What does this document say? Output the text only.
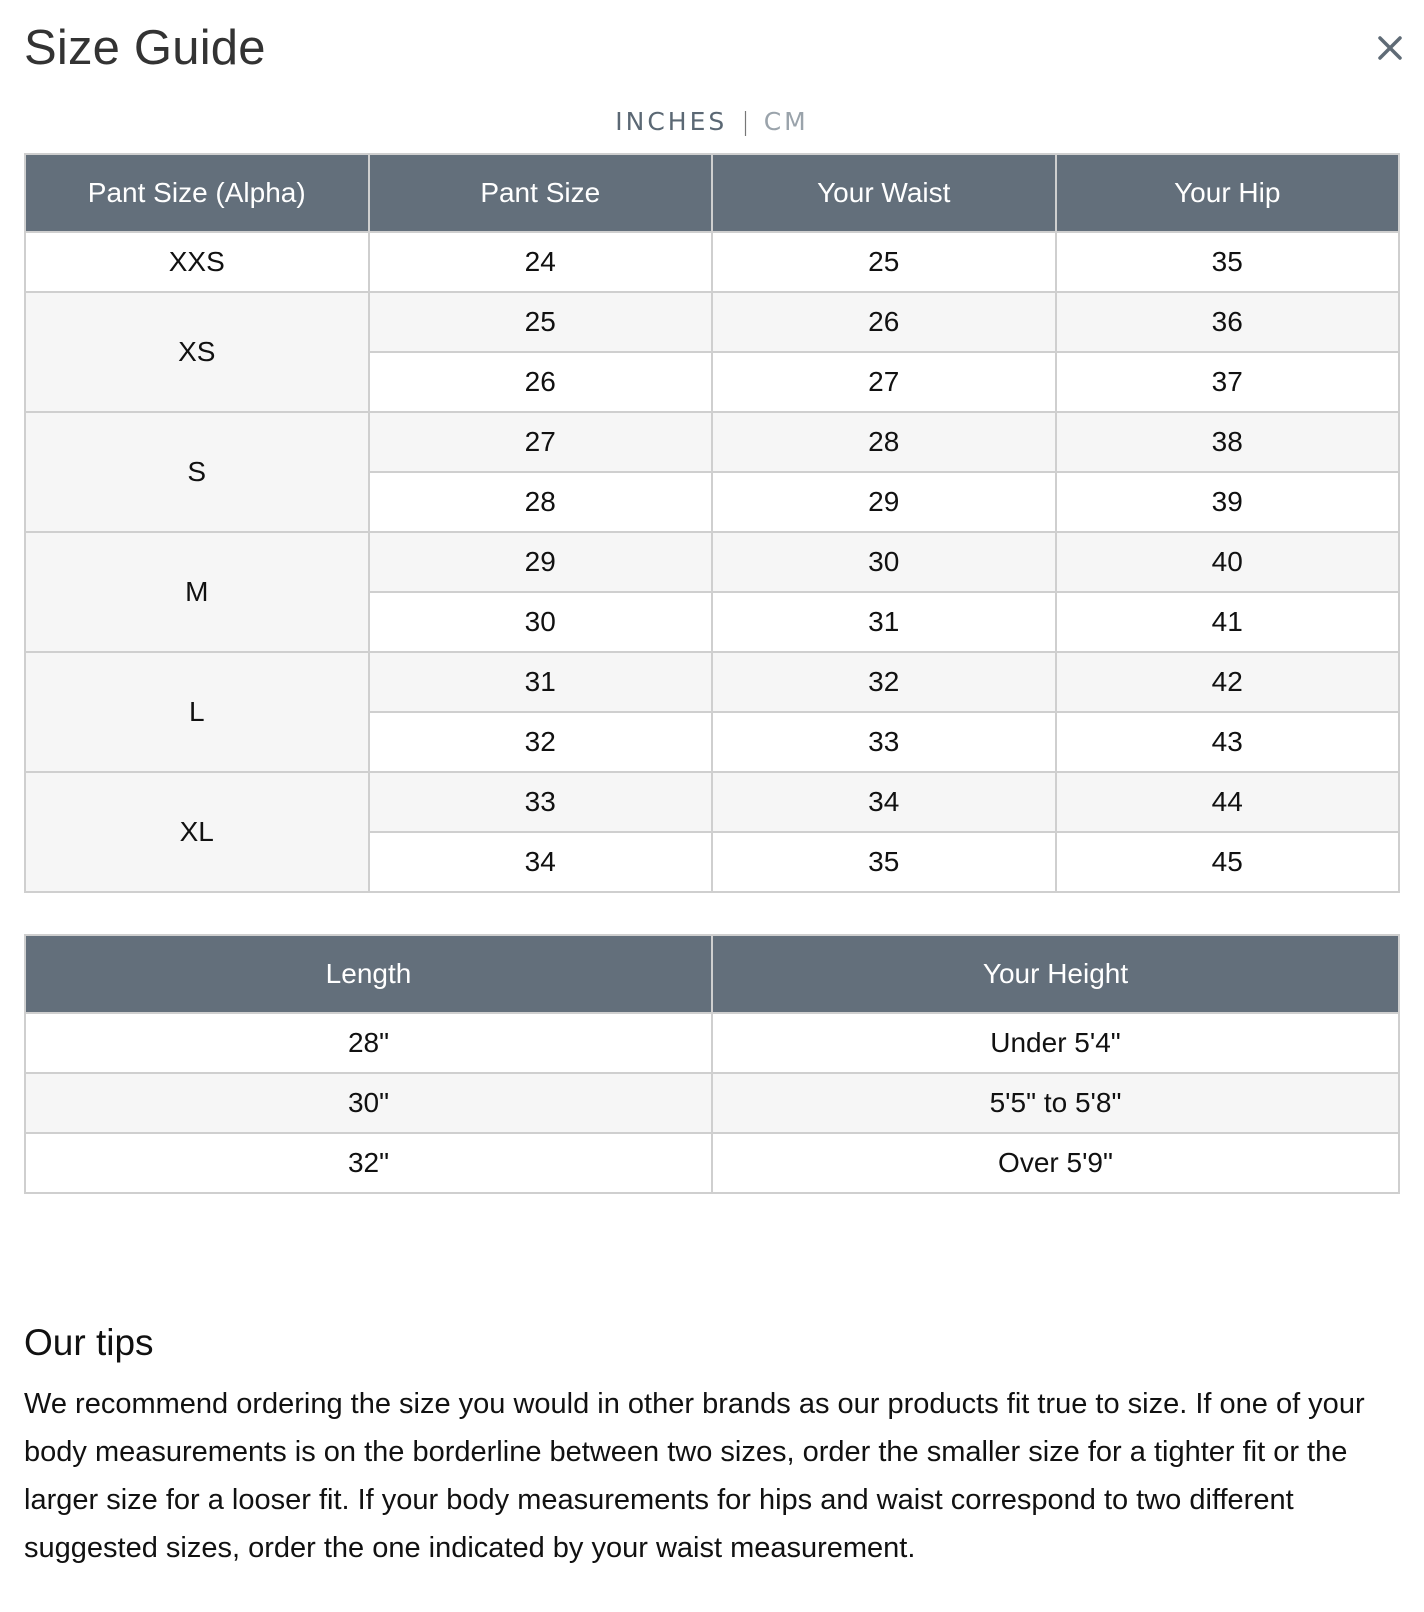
Size Guide
INCHES | CM
Pant Size (Alpha)	Pant Size	Your Waist	Your Hip
XXS	24	25	35
XS	25	26	36
	26	27	37
S	27	28	38
	28	29	39
M	29	30	40
	30	31	41
L	31	32	42
	32	33	43
XL	33	34	44
	34	35	45
Length	Your Height
28"	Under 5'4"
30"	5'5" to 5'8"
32"	Over 5'9"
Our tips

We recommend ordering the size you would in other brands as our products fit true to size. If one of your body measurements is on the borderline between two sizes, order the smaller size for a tighter fit or the larger size for a looser fit. If your body measurements for hips and waist correspond to two different suggested sizes, order the one indicated by your waist measurement.
